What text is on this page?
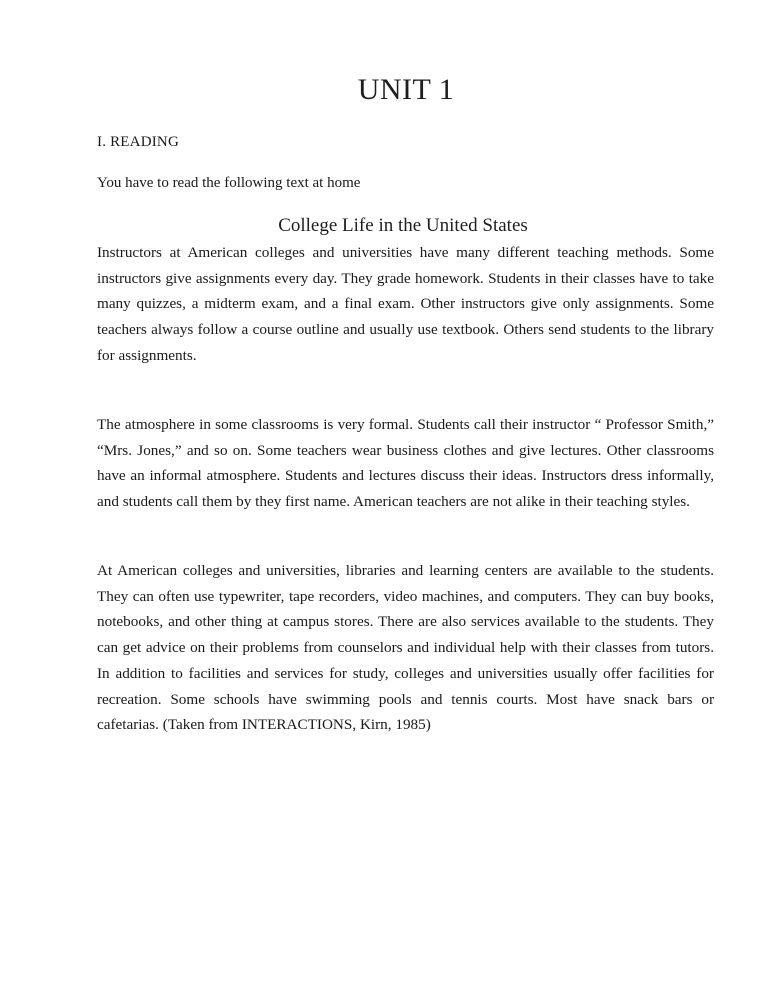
UNIT 1
I. READING
You have to read the following text at home
College Life in the United States

Instructors at American colleges and universities have many different teaching methods. Some instructors give assignments every day. They grade homework. Students in their classes have to take many quizzes, a midterm exam, and a final exam. Other instructors give only assignments. Some teachers always follow a course outline and usually use textbook. Others send students to the library for assignments.

The atmosphere in some classrooms is very formal. Students call their instructor “ Professor Smith,” “Mrs. Jones,” and so on. Some teachers wear business clothes and give lectures. Other classrooms have an informal atmosphere. Students and lectures discuss their ideas. Instructors dress informally, and students call them by they first name. American teachers are not alike in their teaching styles.

At American colleges and universities, libraries and learning centers are available to the students. They can often use typewriter, tape recorders, video machines, and computers. They can buy books, notebooks, and other thing at campus stores. There are also services available to the students. They can get advice on their problems from counselors and individual help with their classes from tutors. In addition to facilities and services for study, colleges and universities usually offer facilities for recreation. Some schools have swimming pools and tennis courts. Most have snack bars or cafetarias. (Taken from INTERACTIONS, Kirn, 1985)
